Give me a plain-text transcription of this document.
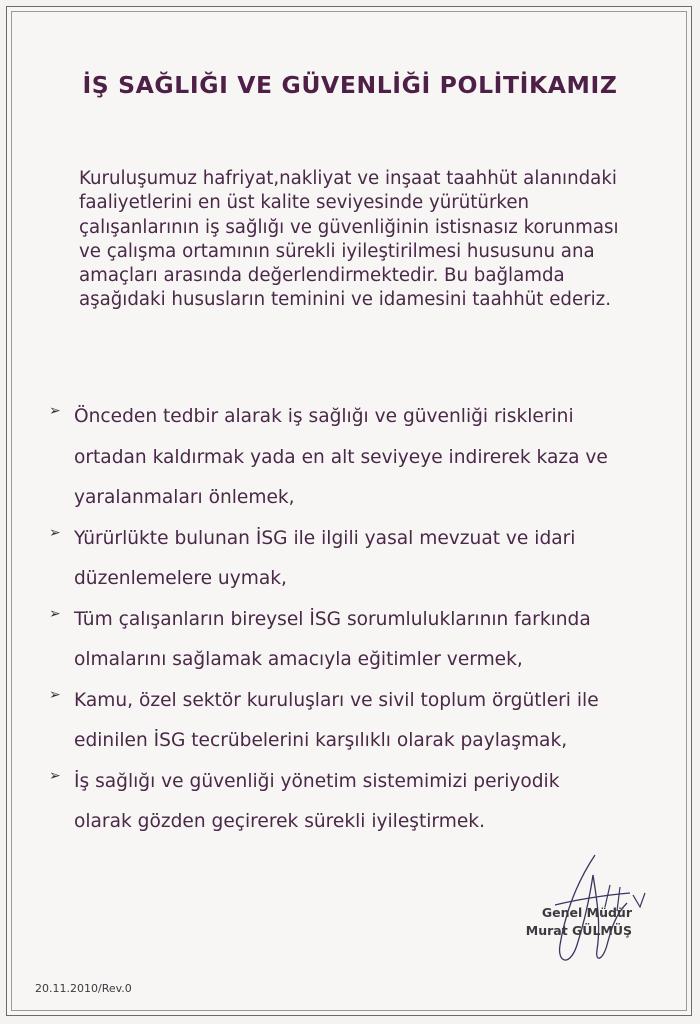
İŞ SAĞLIĞI VE GÜVENLİĞİ POLİTİKAMIZ
Kuruluşumuz hafriyat,nakliyat ve inşaat taahhüt alanındaki
faaliyetlerini en üst kalite seviyesinde yürütürken
çalışanlarının iş sağlığı ve güvenliğinin istisnasız korunması
ve çalışma ortamının sürekli iyileştirilmesi hususunu ana
amaçları arasında değerlendirmektedir. Bu bağlamda
aşağıdaki hususların teminini ve idamesini taahhüt ederiz.
➢ Önceden tedbir alarak iş sağlığı ve güvenliği risklerini
ortadan kaldırmak yada en alt seviyeye indirerek kaza ve
yaralanmaları önlemek,
➢ Yürürlükte bulunan İSG ile ilgili yasal mevzuat ve idari
düzenlemelere uymak,
➢ Tüm çalışanların bireysel İSG sorumluluklarının farkında
olmalarını sağlamak amacıyla eğitimler vermek,
➢ Kamu, özel sektör kuruluşları ve sivil toplum örgütleri ile
edinilen İSG tecrübelerini karşılıklı olarak paylaşmak,
➢ İş sağlığı ve güvenliği yönetim sistemimizi periyodik
olarak gözden geçirerek sürekli iyileştirmek.
Genel Müdür
Murat GÜLMÜŞ
20.11.2010/Rev.0
